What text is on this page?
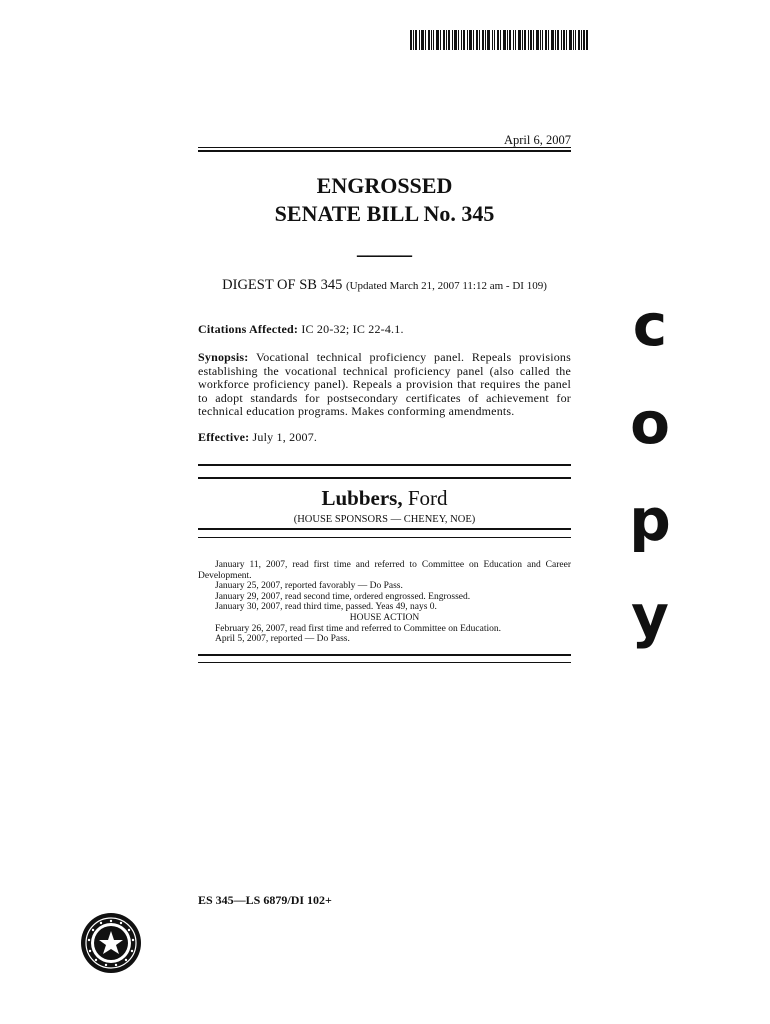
April 6, 2007
ENGROSSED
SENATE BILL No. 345
_____
DIGEST OF SB 345 (Updated March 21, 2007 11:12 am - DI 109)
Citations Affected: IC 20-32; IC 22-4.1.
Synopsis: Vocational technical proficiency panel. Repeals provisions establishing the vocational technical proficiency panel (also called the workforce proficiency panel). Repeals a provision that requires the panel to adopt standards for postsecondary certificates of achievement for technical education programs. Makes conforming amendments.
Effective: July 1, 2007.
Lubbers, Ford
(HOUSE SPONSORS — CHENEY, NOE)
January 11, 2007, read first time and referred to Committee on Education and Career Development.
January 25, 2007, reported favorably — Do Pass.
January 29, 2007, read second time, ordered engrossed. Engrossed.
January 30, 2007, read third time, passed. Yeas 49, nays 0.
HOUSE ACTION
February 26, 2007, read first time and referred to Committee on Education.
April 5, 2007, reported — Do Pass.
ES 345—LS 6879/DI 102+
c
o
p
y
